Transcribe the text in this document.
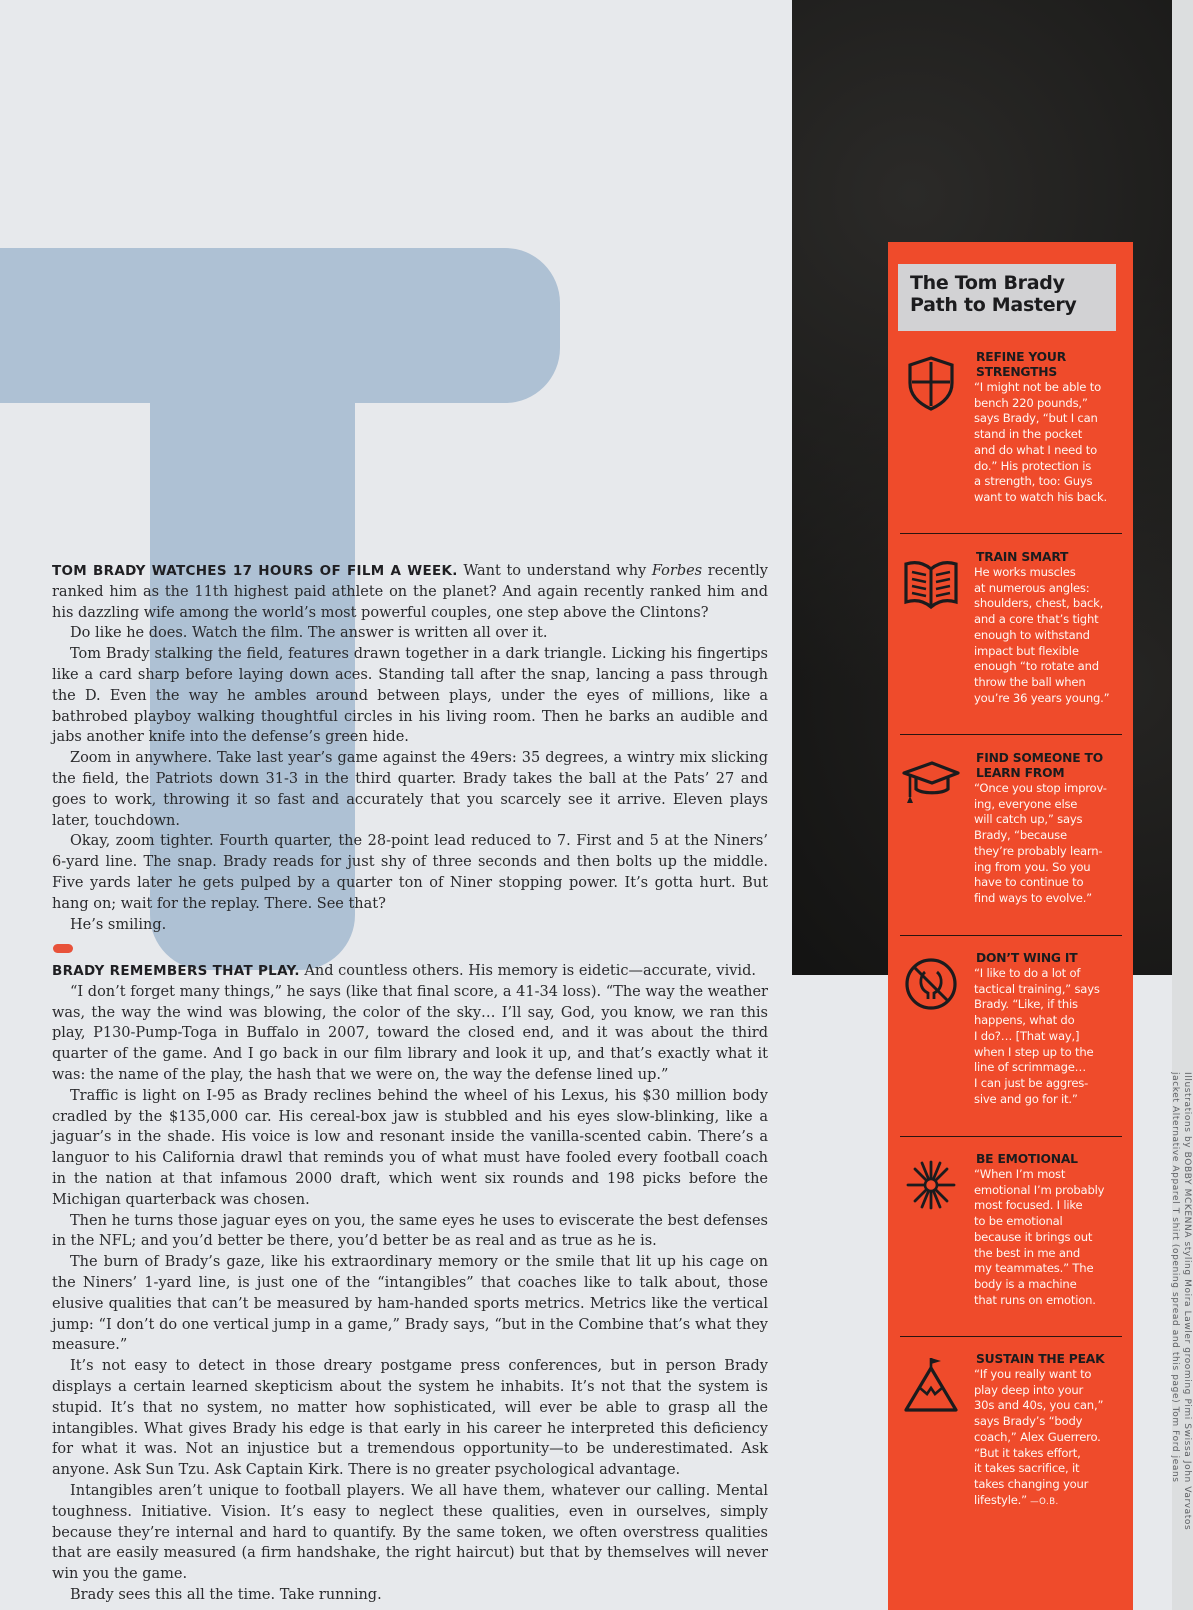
TOM BRADY WATCHES 17 HOURS OF FILM A WEEK. Want to understand why Forbes recently ranked him as the 11th highest paid athlete on the planet? And again recently ranked him and his dazzling wife among the world’s most powerful couples, one step above the Clintons?

Do like he does. Watch the film. The answer is written all over it.

Tom Brady stalking the field, features drawn together in a dark triangle. Licking his fingertips like a card sharp before laying down aces. Standing tall after the snap, lancing a pass through the D. Even the way he ambles around between plays, under the eyes of millions, like a bathrobed playboy walking thoughtful circles in his living room. Then he barks an audible and jabs another knife into the defense’s green hide.

Zoom in anywhere. Take last year’s game against the 49ers: 35 degrees, a wintry mix slicking the field, the Patriots down 31-3 in the third quarter. Brady takes the ball at the Pats’ 27 and goes to work, throwing it so fast and accurately that you scarcely see it arrive. Eleven plays later, touchdown.

Okay, zoom tighter. Fourth quarter, the 28-point lead reduced to 7. First and 5 at the Niners’ 6-yard line. The snap. Brady reads for just shy of three seconds and then bolts up the middle. Five yards later he gets pulped by a quarter ton of Niner stopping power. It’s gotta hurt. But hang on; wait for the replay. There. See that?

He’s smiling.

BRADY REMEMBERS THAT PLAY. And countless others. His memory is eidetic—accurate, vivid.

“I don’t forget many things,” he says (like that final score, a 41-34 loss). “The way the weather was, the way the wind was blowing, the color of the sky… I’ll say, God, you know, we ran this play, P130-Pump-Toga in Buffalo in 2007, toward the closed end, and it was about the third quarter of the game. And I go back in our film library and look it up, and that’s exactly what it was: the name of the play, the hash that we were on, the way the defense lined up.”

Traffic is light on I-95 as Brady reclines behind the wheel of his Lexus, his $30 million body cradled by the $135,000 car. His cereal-box jaw is stubbled and his eyes slow-blinking, like a jaguar’s in the shade. His voice is low and resonant inside the vanilla-scented cabin. There’s a languor to his California drawl that reminds you of what must have fooled every football coach in the nation at that infamous 2000 draft, which went six rounds and 198 picks before the Michigan quarterback was chosen.

Then he turns those jaguar eyes on you, the same eyes he uses to eviscerate the best defenses in the NFL; and you’d better be there, you’d better be as real and as true as he is.

The burn of Brady’s gaze, like his extraordinary memory or the smile that lit up his cage on the Niners’ 1-yard line, is just one of the “intangibles” that coaches like to talk about, those elusive qualities that can’t be measured by ham-handed sports metrics. Metrics like the vertical jump: “I don’t do one vertical jump in a game,” Brady says, “but in the Combine that’s what they measure.”

It’s not easy to detect in those dreary postgame press conferences, but in person Brady displays a certain learned skepticism about the system he inhabits. It’s not that the system is stupid. It’s that no system, no matter how sophisticated, will ever be able to grasp all the intangibles. What gives Brady his edge is that early in his career he interpreted this deficiency for what it was. Not an injustice but a tremendous opportunity—to be underestimated. Ask anyone. Ask Sun Tzu. Ask Captain Kirk. There is no greater psychological advantage.

Intangibles aren’t unique to football players. We all have them, whatever our calling. Mental toughness. Initiative. Vision. It’s easy to neglect these qualities, even in ourselves, simply because they’re internal and hard to quantify. By the same token, we often overstress qualities that are easily measured (a firm handshake, the right haircut) but that by themselves will never win you the game.

Brady sees this all the time. Take running.

The Tom Brady
Path to Mastery
REFINE YOUR
STRENGTHS
“I might not be able to
bench 220 pounds,”
says Brady, “but I can
stand in the pocket
and do what I need to
do.” His protection is
a strength, too: Guys
want to watch his back.
TRAIN SMART
He works muscles
at numerous angles:
shoulders, chest, back,
and a core that’s tight
enough to withstand
impact but flexible
enough “to rotate and
throw the ball when
you’re 36 years young.”
FIND SOMEONE TO
LEARN FROM
“Once you stop improv-
ing, everyone else
will catch up,” says
Brady, “because
they’re probably learn-
ing from you. So you
have to continue to
find ways to evolve.”
DON’T WING IT
“I like to do a lot of
tactical training,” says
Brady. “Like, if this
happens, what do
I do?… [That way,]
when I step up to the
line of scrimmage…
I can just be aggres-
sive and go for it.”
BE EMOTIONAL
“When I’m most
emotional I’m probably
most focused. I like
to be emotional
because it brings out
the best in me and
my teammates.” The
body is a machine
that runs on emotion.
SUSTAIN THE PEAK
“If you really want to
play deep into your
30s and 40s, you can,”
says Brady’s “body
coach,” Alex Guerrero.
“But it takes effort,
it takes sacrifice, it
takes changing your
lifestyle.” —O.B.	Illustrations by BOBBY MCKENNA styling Moira Lawler grooming Pimi Swissa John Varvatos
jacket Alternative Apparel T shirt (opening spread and this page) Tom Ford jeans
